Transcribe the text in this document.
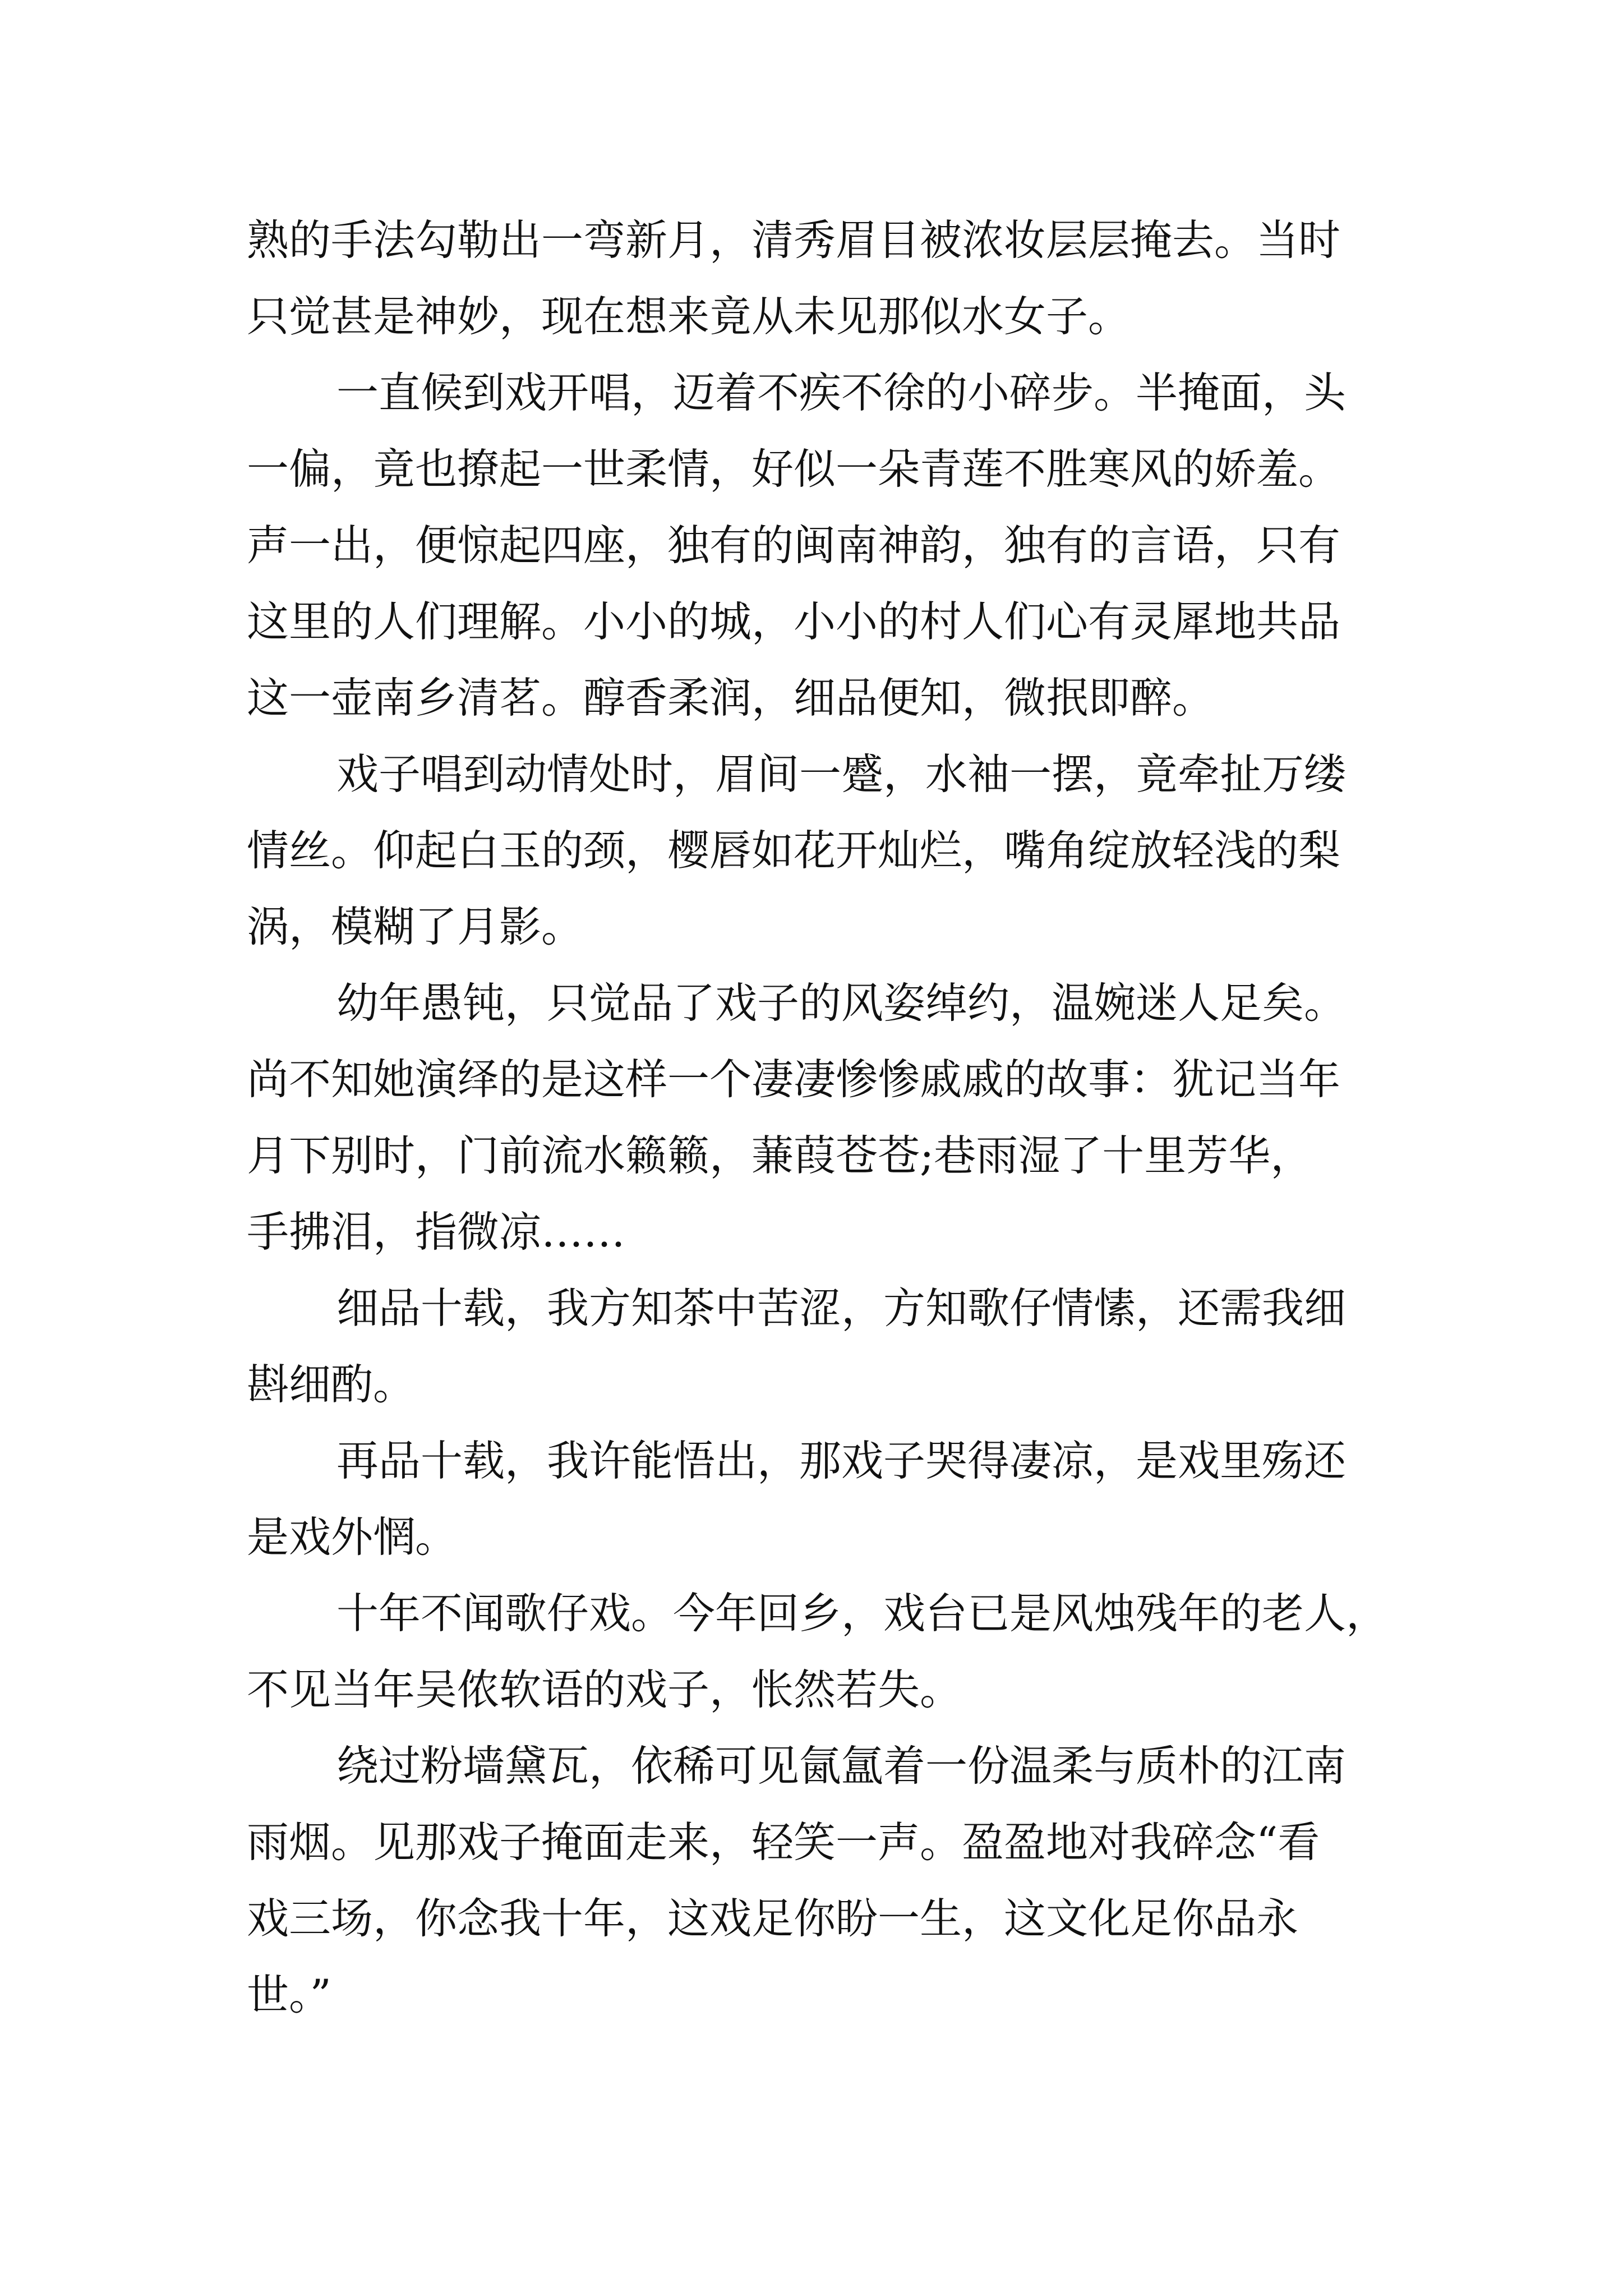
熟的手法勾勒出一弯新月，清秀眉目被浓妆层层掩去。当时
只觉甚是神妙，现在想来竟从未见那似水女子。
一直候到戏开唱，迈着不疾不徐的小碎步。半掩面，头
一偏，竟也撩起一世柔情，好似一朵青莲不胜寒风的娇羞。
声一出，便惊起四座，独有的闽南神韵，独有的言语，只有
这里的人们理解。小小的城，小小的村人们心有灵犀地共品
这一壶南乡清茗。醇香柔润，细品便知，微抿即醉。
戏子唱到动情处时，眉间一蹙，水袖一摆，竟牵扯万缕
情丝。仰起白玉的颈，樱唇如花开灿烂，嘴角绽放轻浅的梨
涡，模糊了月影。
幼年愚钝，只觉品了戏子的风姿绰约，温婉迷人足矣。
尚不知她演绎的是这样一个凄凄惨惨戚戚的故事：犹记当年
月下别时，门前流水籁籁，蒹葭苍苍;巷雨湿了十里芳华，
手拂泪，指微凉……
细品十载，我方知茶中苦涩，方知歌仔情愫，还需我细
斟细酌。
再品十载，我许能悟出，那戏子哭得凄凉，是戏里殇还
是戏外惘。
十年不闻歌仔戏。今年回乡，戏台已是风烛残年的老人，
不见当年吴侬软语的戏子，怅然若失。
绕过粉墙黛瓦，依稀可见氤氲着一份温柔与质朴的江南
雨烟。见那戏子掩面走来，轻笑一声。盈盈地对我碎念“看
戏三场，你念我十年，这戏足你盼一生，这文化足你品永
世。”
